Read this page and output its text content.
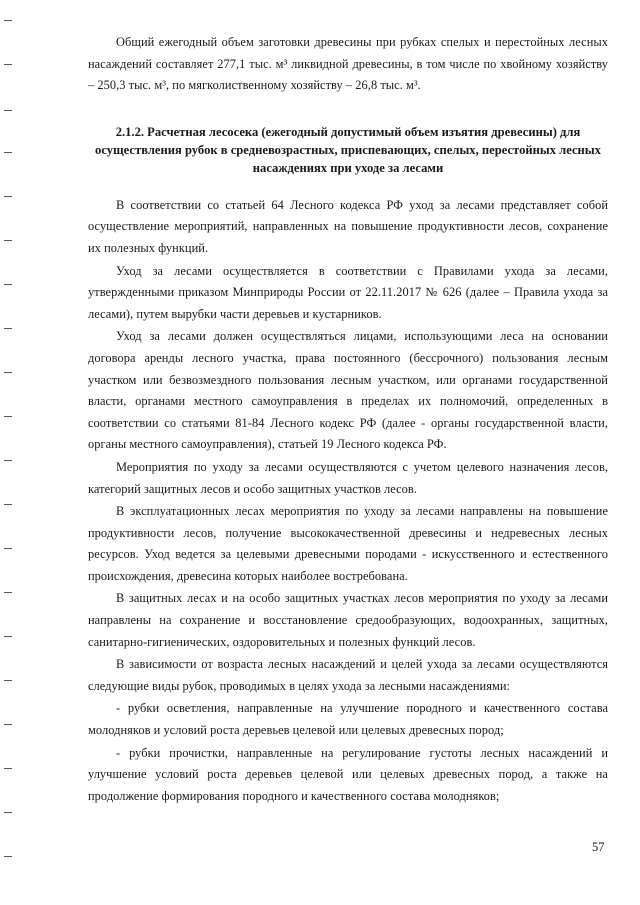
Общий ежегодный объем заготовки древесины при рубках спелых и перестойных лесных насаждений составляет 277,1 тыс. м³ ликвидной древесины, в том числе по хвойному хозяйству – 250,3 тыс. м³, по мягколиственному хозяйству – 26,8 тыс. м³.

2.1.2. Расчетная лесосека (ежегодный допустимый объем изъятия древесины) для осуществления рубок в средневозрастных, приспевающих, спелых, перестойных лесных насаждениях при уходе за лесами

В соответствии со статьей 64 Лесного кодекса РФ уход за лесами представляет собой осуществление мероприятий, направленных на повышение продуктивности лесов, сохранение их полезных функций.

Уход за лесами осуществляется в соответствии с Правилами ухода за лесами, утвержденными приказом Минприроды России от 22.11.2017 № 626 (далее – Правила ухода за лесами), путем вырубки части деревьев и кустарников.

Уход за лесами должен осуществляться лицами, использующими леса на основании договора аренды лесного участка, права постоянного (бессрочного) пользования лесным участком или безвозмездного пользования лесным участком, или органами государственной власти, органами местного самоуправления в пределах их полномочий, определенных в соответствии со статьями 81-84 Лесного кодекс РФ (далее - органы государственной власти, органы местного самоуправления), статьей 19 Лесного кодекса РФ.

Мероприятия по уходу за лесами осуществляются с учетом целевого назначения лесов, категорий защитных лесов и особо защитных участков лесов.

В эксплуатационных лесах мероприятия по уходу за лесами направлены на повышение продуктивности лесов, получение высококачественной древесины и недревесных лесных ресурсов. Уход ведется за целевыми древесными породами - искусственного и естественного происхождения, древесина которых наиболее востребована.

В защитных лесах и на особо защитных участках лесов мероприятия по уходу за лесами направлены на сохранение и восстановление средообразующих, водоохранных, защитных, санитарно-гигиенических, оздоровительных и полезных функций лесов.

В зависимости от возраста лесных насаждений и целей ухода за лесами осуществляются следующие виды рубок, проводимых в целях ухода за лесными насаждениями:

- рубки осветления, направленные на улучшение породного и качественного состава молодняков и условий роста деревьев целевой или целевых древесных пород;

- рубки прочистки, направленные на регулирование густоты лесных насаждений и улучшение условий роста деревьев целевой или целевых древесных пород, а также на продолжение формирования породного и качественного состава молодняков;

57
